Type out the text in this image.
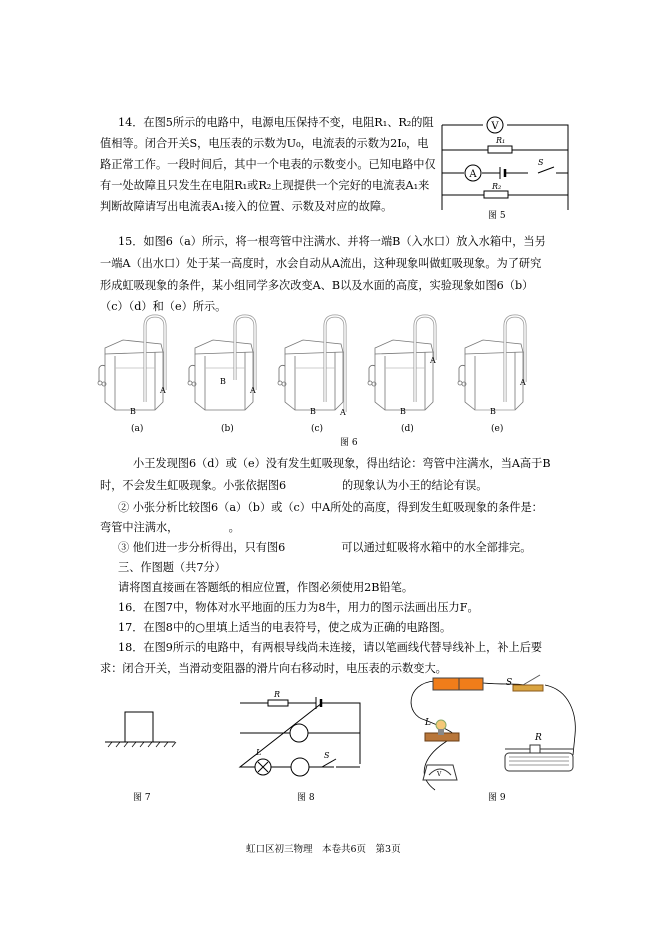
14．在图5所示的电路中，电源电压保持不变，电阻R₁、R₂的阻
值相等。闭合开关S，电压表的示数为U₀，电流表的示数为2I₀，电
路正常工作。一段时间后，其中一个电表的示数变小。已知电路中仅
有一处故障且只发生在电阻R₁或R₂上现提供一个完好的电流表A₁来
判断故障请写出电流表A₁接入的位置、示数及对应的故障。
V
A
R₁
R₂
S
图 5
15．如图6（a）所示，将一根弯管中注满水、并将一端B（入水口）放入水箱中，当另
一端A（出水口）处于某一高度时，水会自动从A流出，这种现象叫做虹吸现象。为了研究
形成虹吸现象的条件，某小组同学多次改变A、B以及水面的高度，实验现象如图6（b）
（c）（d）和（e）所示。
A
B
(a)
A
B
(b)
A
B
(c)
A
B
(d)
A
B
(e)
图 6
小王发现图6（d）或（e）没有发生虹吸现象，得出结论：弯管中注满水，当A高于B
时，不会发生虹吸现象。小张依据图6　　　　　的现象认为小王的结论有误。
② 小张分析比较图6（a）（b）或（c）中A所处的高度，得到发生虹吸现象的条件是：
弯管中注满水，　　　　　。
③ 他们进一步分析得出，只有图6　　　　　可以通过虹吸将水箱中的水全部排完。
三、作图题（共7分）
请将图直接画在答题纸的相应位置，作图必须使用2B铅笔。
16．在图7中，物体对水平地面的压力为8牛，用力的图示法画出压力F。
17．在图8中的○里填上适当的电表符号，使之成为正确的电路图。
18．在图9所示的电路中，有两根导线尚未连接，请以笔画线代替导线补上，补上后要
求：闭合开关，当滑动变阻器的滑片向右移动时，电压表的示数变大。
图 7
L
R
S
图 8
S
L
R
V
图 9
虹口区初三物理　本卷共6页　第3页
